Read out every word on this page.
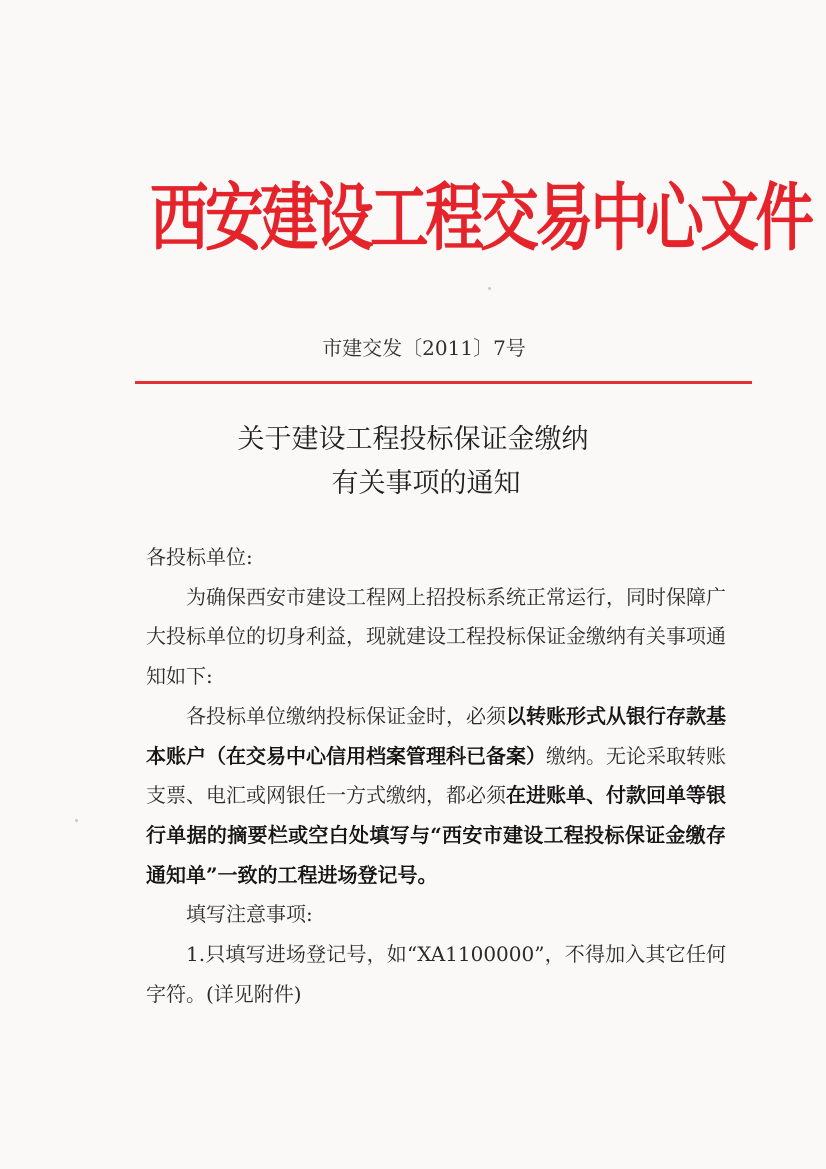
西安建设工程交易中心文件
市建交发〔2011〕7号
关于建设工程投标保证金缴纳
有关事项的通知

各投标单位:

为确保西安市建设工程网上招投标系统正常运行，同时保障广大投标单位的切身利益，现就建设工程投标保证金缴纳有关事项通知如下:

各投标单位缴纳投标保证金时，必须以转账形式从银行存款基本账户（在交易中心信用档案管理科已备案）缴纳。无论采取转账支票、电汇或网银任一方式缴纳，都必须在进账单、付款回单等银行单据的摘要栏或空白处填写与“西安市建设工程投标保证金缴存通知单”一致的工程进场登记号。

填写注意事项:

1.只填写进场登记号，如“XA1100000”，不得加入其它任何字符。(详见附件)
